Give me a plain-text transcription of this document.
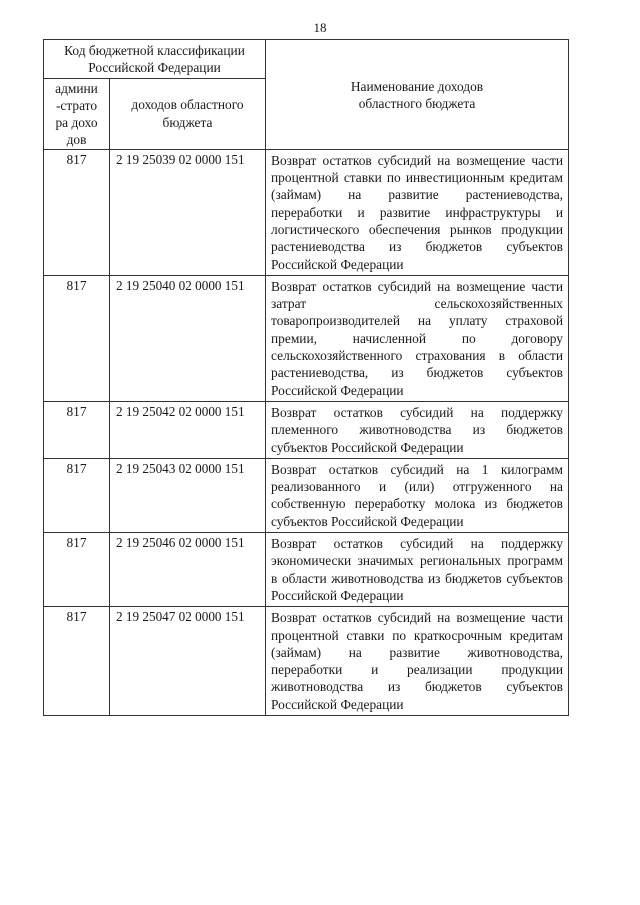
18
Код бюджетной классификации Российской Федерации		Наименование доходов областного бюджета

админи-стратора доходов	доходов областного бюджета	

817	2 19 25039 02 0000 151	Возврат остатков субсидий на возмещение части процентной ставки по инвестиционным кредитам (займам) на развитие растениеводства, переработки и развитие инфраструктуры и логистического обеспечения рынков продукции растениеводства из бюджетов субъектов Российской Федерации
817	2 19 25040 02 0000 151	Возврат остатков субсидий на возмещение части затрат сельскохозяйственных товаропроизводителей на уплату страховой премии, начисленной по договору сельскохозяйственного страхования в области растениеводства, из бюджетов субъектов Российской Федерации
817	2 19 25042 02 0000 151	Возврат остатков субсидий на поддержку племенного животноводства из бюджетов субъектов Российской Федерации
817	2 19 25043 02 0000 151	Возврат остатков субсидий на 1 килограмм реализованного и (или) отгруженного на собственную переработку молока из бюджетов субъектов Российской Федерации
817	2 19 25046 02 0000 151	Возврат остатков субсидий на поддержку экономически значимых региональных программ в области животноводства из бюджетов субъектов Российской Федерации
817	2 19 25047 02 0000 151	Возврат остатков субсидий на возмещение части процентной ставки по краткосрочным кредитам (займам) на развитие животноводства, переработки и реализации продукции животноводства из бюджетов субъектов Российской Федерации
